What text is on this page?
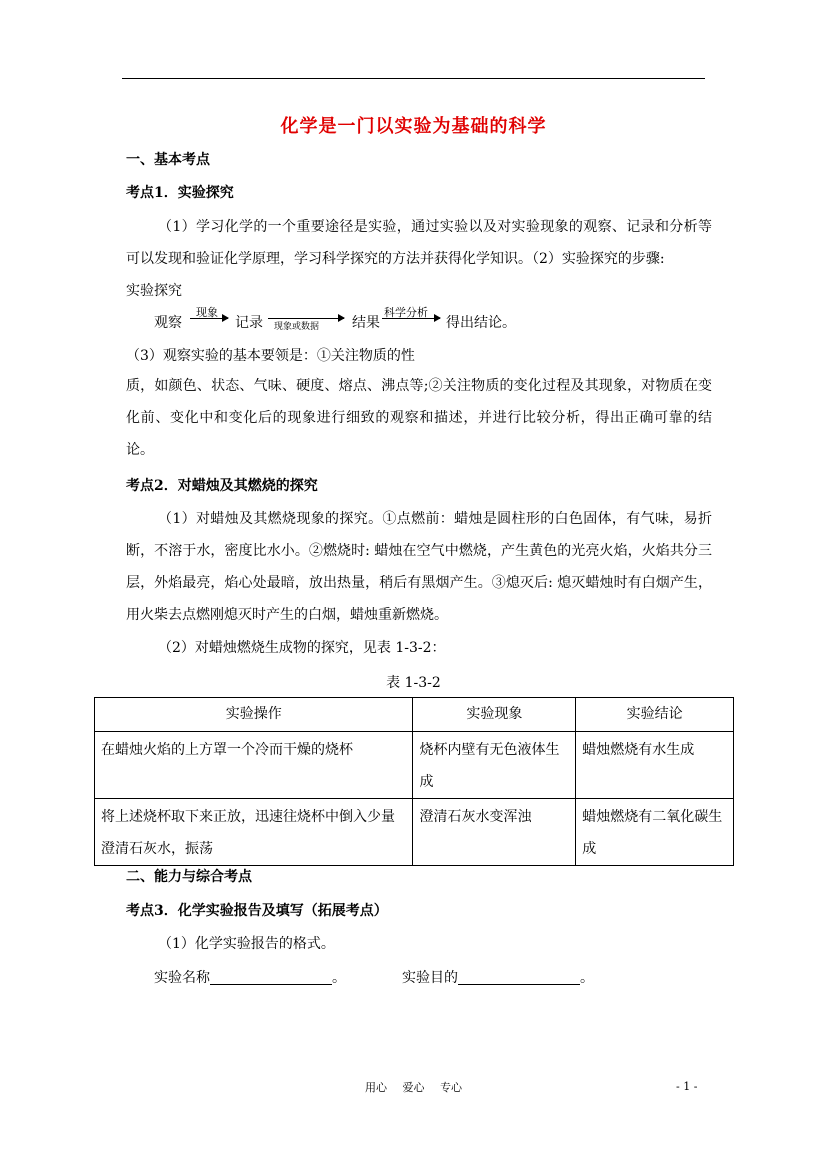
化学是一门以实验为基础的科学
一、基本考点
考点1．实验探究
（1）学习化学的一个重要途径是实验，通过实验以及对实验现象的观察、记录和分析等可以发现和验证化学原理，学习科学探究的方法并获得化学知识。（2）实验探究的步骤:
实验探究
观察
现象
记录 现象或数据 结果
科学分析
得出结论。
（3）观察实验的基本要领是：①关注物质的性
质，如颜色、状态、气味、硬度、熔点、沸点等;②关注物质的变化过程及其现象，对物质在变化前、变化中和变化后的现象进行细致的观察和描述，并进行比较分析，得出正确可靠的结论。
考点2．对蜡烛及其燃烧的探究
（1）对蜡烛及其燃烧现象的探究。①点燃前：蜡烛是圆柱形的白色固体，有气味，易折断，不溶于水，密度比水小。②燃烧时: 蜡烛在空气中燃烧，产生黄色的光亮火焰，火焰共分三层，外焰最亮，焰心处最暗，放出热量，稍后有黑烟产生。③熄灭后: 熄灭蜡烛时有白烟产生，用火柴去点燃刚熄灭时产生的白烟，蜡烛重新燃烧。
（2）对蜡烛燃烧生成物的探究，见表 1-3-2：
表 1-3-2
实验操作	实验现象	实验结论
在蜡烛火焰的上方罩一个冷而干燥的烧杯	烧杯内壁有无色液体生成	蜡烛燃烧有水生成
将上述烧杯取下来正放，迅速往烧杯中倒入少量澄清石灰水，振荡	澄清石灰水变浑浊	蜡烛燃烧有二氧化碳生成
二、能力与综合考点
考点3．化学实验报告及填写（拓展考点）
（1）化学实验报告的格式。
实验名称	。	实验目的	。
用心 爱心 专心	- 1 -
